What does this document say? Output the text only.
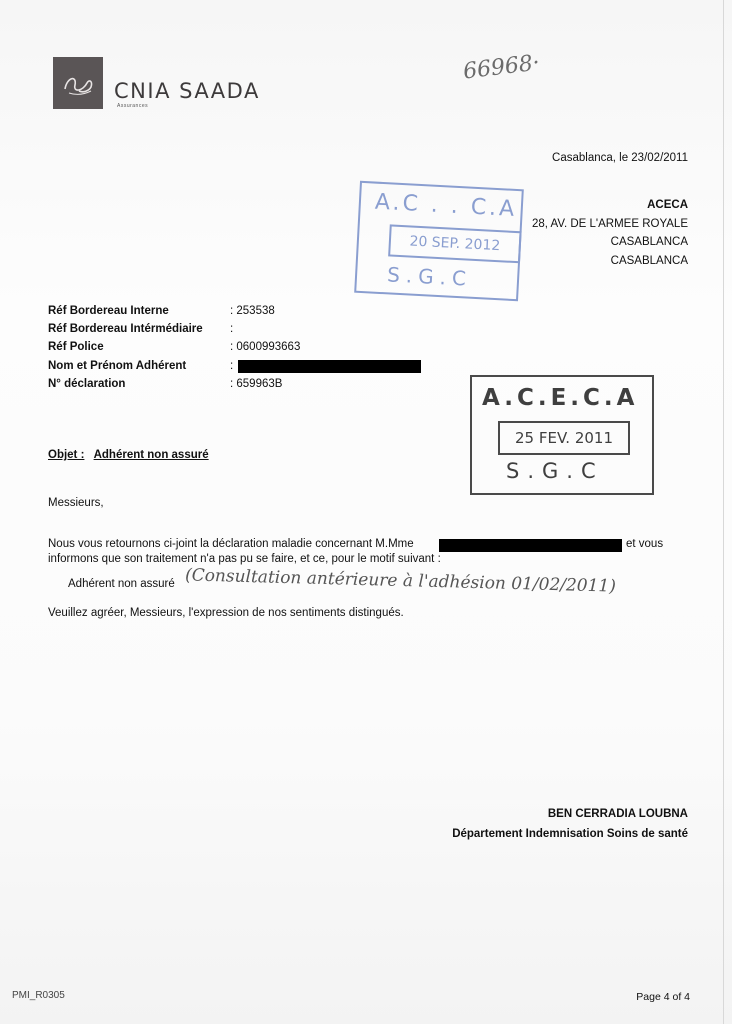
CNIA SAADA
Assurances
66968·
Casablanca, le 23/02/2011
ACECA
28, AV. DE L'ARMEE ROYALE
CASABLANCA
CASABLANCA
A.C . . C.A
20 SEP. 2012
S.G.C
Réf Bordereau Interne	: 253538
Réf Bordereau Intérmédiaire	:
Réf Police	: 0600993663
Nom et Prénom Adhérent	:
N° déclaration	: 659963B
A.C.E.C.A
25 FEV. 2011
S.G.C
Objet : Adhérent non assuré
Messieurs,
Nous vous retournons ci-joint la déclaration maladie concernant M.Mme	et vous
informons que son traitement n'a pas pu se faire, et ce, pour le motif suivant :
Adhérent non assuré (Consultation antérieure à l'adhésion 01/02/2011)
Veuillez agréer, Messieurs, l'expression de nos sentiments distingués.
BEN CERRADIA LOUBNA
Département Indemnisation Soins de santé
PMI_R0305	Page 4 of 4
